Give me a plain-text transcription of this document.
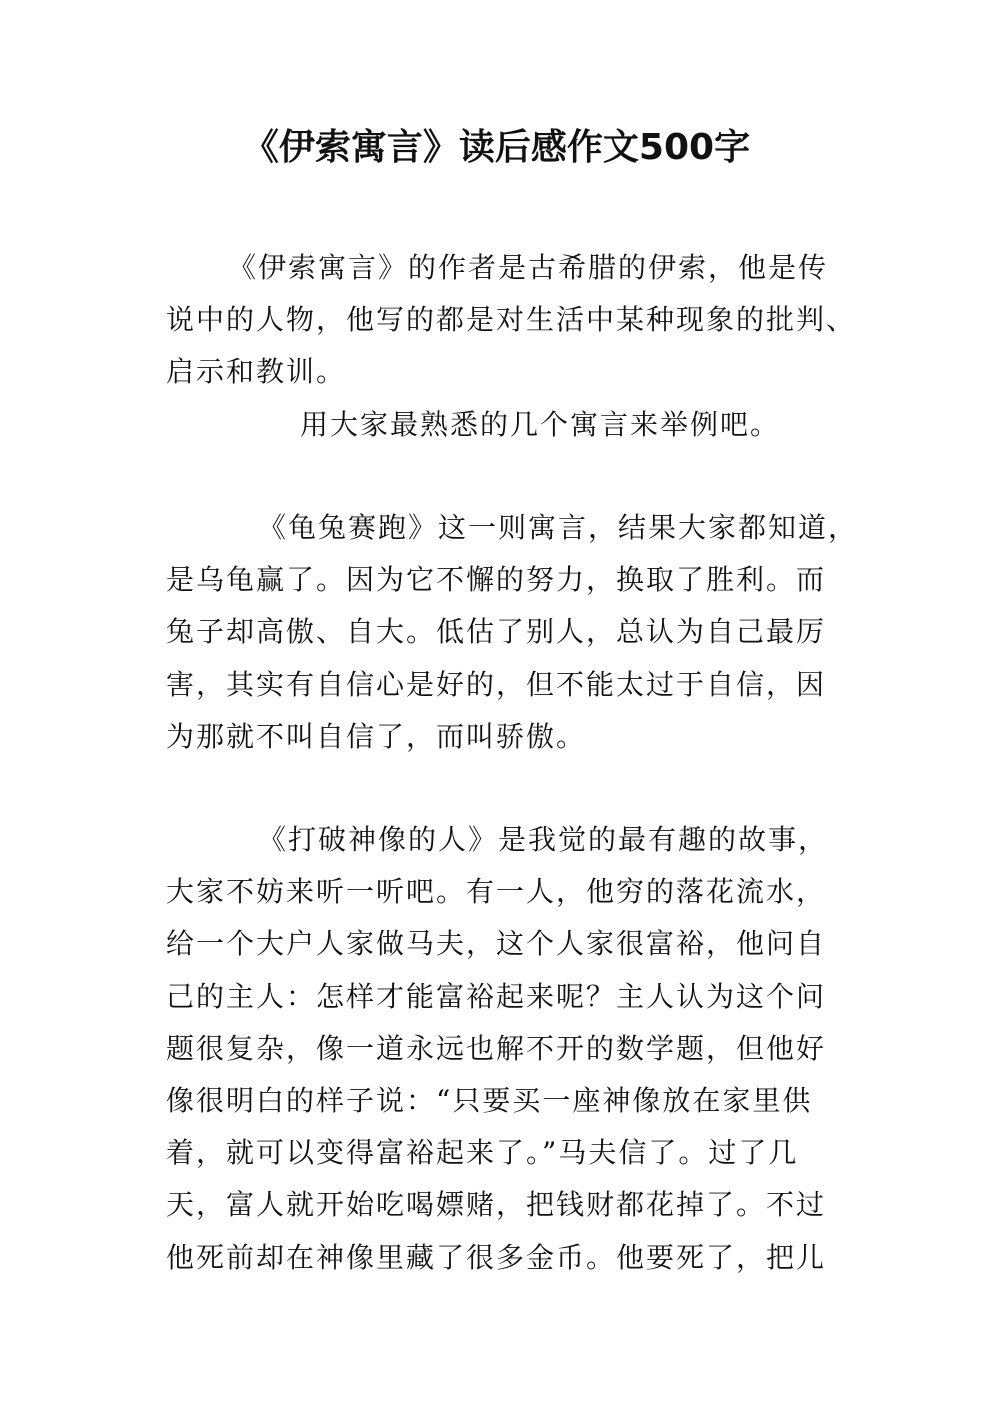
《伊索寓言》读后感作文500字
《伊索寓言》的作者是古希腊的伊索，他是传
说中的人物，他写的都是对生活中某种现象的批判、
启示和教训。
用大家最熟悉的几个寓言来举例吧。
《龟兔赛跑》这一则寓言，结果大家都知道，
是乌龟赢了。因为它不懈的努力，换取了胜利。而
兔子却高傲、自大。低估了别人，总认为自己最厉
害，其实有自信心是好的，但不能太过于自信，因
为那就不叫自信了，而叫骄傲。
《打破神像的人》是我觉的最有趣的故事，
大家不妨来听一听吧。有一人，他穷的落花流水，
给一个大户人家做马夫，这个人家很富裕，他问自
己的主人：怎样才能富裕起来呢？主人认为这个问
题很复杂，像一道永远也解不开的数学题，但他好
像很明白的样子说：“只要买一座神像放在家里供
着，就可以变得富裕起来了。”马夫信了。过了几
天，富人就开始吃喝嫖赌，把钱财都花掉了。不过
他死前却在神像里藏了很多金币。他要死了，把儿
